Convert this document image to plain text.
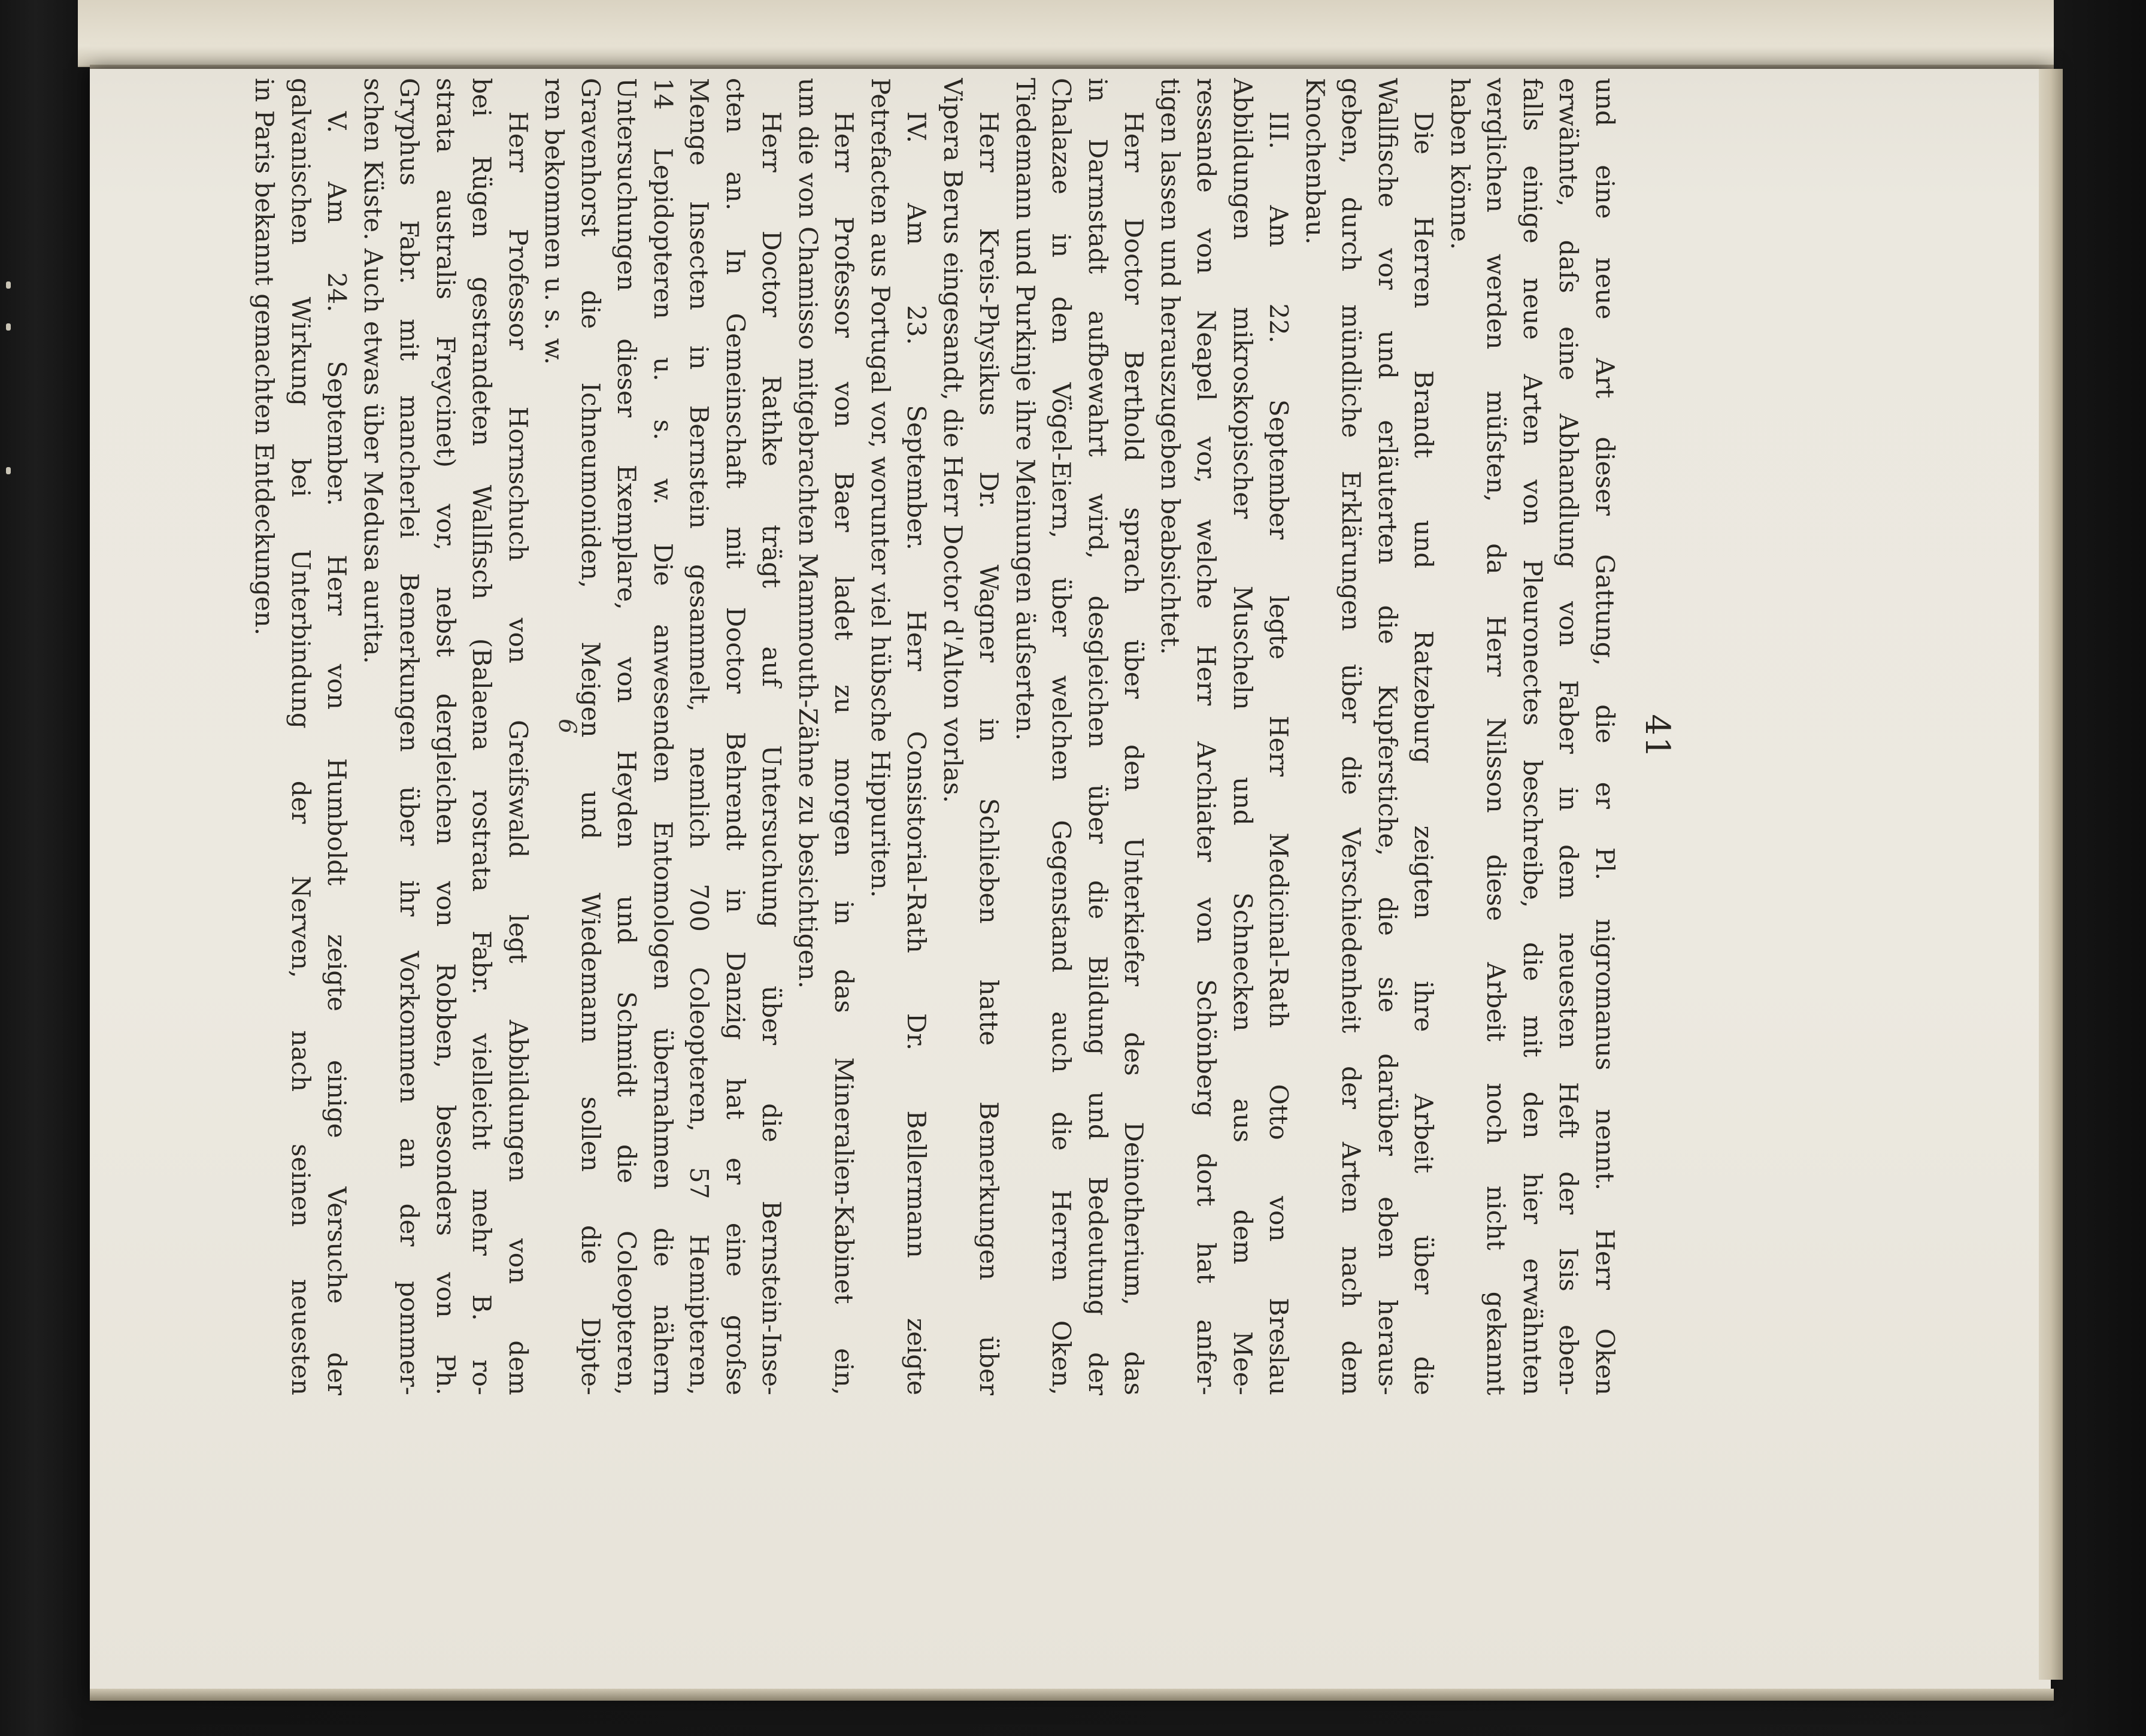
41
und eine neue Art dieser Gattung, die er Pl. nigromanus nennt. Herr Oken
erwähnte, daſs eine Abhandlung von Faber in dem neuesten Heft der Isis eben-
falls einige neue Arten von Pleuronectes beschreibe, die mit den hier erwähnten
verglichen werden müſsten, da Herr Nilsson diese Arbeit noch nicht gekannt
haben könne.
Die Herren Brandt und Ratzeburg zeigten ihre Arbeit über die
Wallfische vor und erläuterten die Kupferstiche, die sie darüber eben heraus-
geben, durch mündliche Erklärungen über die Verschiedenheit der Arten nach dem
Knochenbau.
III. Am 22. September legte Herr Medicinal-Rath Otto von Breslau
Abbildungen mikroskopischer Muscheln und Schnecken aus dem Mee-
ressande von Neapel vor, welche Herr Archiater von Schönberg dort hat anfer-
tigen lassen und herauszugeben beabsichtet.
Herr Doctor Berthold sprach über den Unterkiefer des Deinotherium, das
in Darmstadt aufbewahrt wird, desgleichen über die Bildung und Bedeutung der
Chalazae in den Vögel-Eiern, über welchen Gegenstand auch die Herren Oken,
Tiedemann und Purkinje ihre Meinungen äuſserten.
Herr Kreis-Physikus Dr. Wagner in Schlieben hatte Bemerkungen über
Vipera Berus eingesandt, die Herr Doctor d'Alton vorlas.
IV. Am 23. September. Herr Consistorial-Rath Dr. Bellermann zeigte
Petrefacten aus Portugal vor, worunter viel hübsche Hippuriten.
Herr Professor von Baer ladet zu morgen in das Mineralien-Kabinet ein,
um die von Chamisso mitgebrachten Mammouth-Zähne zu besichtigen.
Herr Doctor Rathke trägt auf Untersuchung über die Bernstein-Inse-
cten an. In Gemeinschaft mit Doctor Behrendt in Danzig hat er eine groſse
Menge Insecten in Bernstein gesammelt, nemlich 700 Coleopteren, 57 Hemipteren,
14 Lepidopteren u. s. w. Die anwesenden Entomologen übernahmen die nähern
Untersuchungen dieser Exemplare, von Heyden und Schmidt die Coleopteren,
Gravenhorst die Ichneumoniden, Meigen und Wiedemann sollen die Dipte-
ren bekommen u. s. w.
Herr Professor Hornschuch von Greifswald legt Abbildungen von dem
bei Rügen gestrandeten Wallfisch (Balaena rostrata Fabr. vielleicht mehr B. ro-
strata australis Freycinet) vor, nebst dergleichen von Robben, besonders von Ph.
Gryphus Fabr. mit mancherlei Bemerkungen über ihr Vorkommen an der pommer-
schen Küste. Auch etwas über Medusa aurita.
V. Am 24. September. Herr von Humboldt zeigte einige Versuche der
galvanischen Wirkung bei Unterbindung der Nerven, nach seinen neuesten
in Paris bekannt gemachten Entdeckungen.
6
